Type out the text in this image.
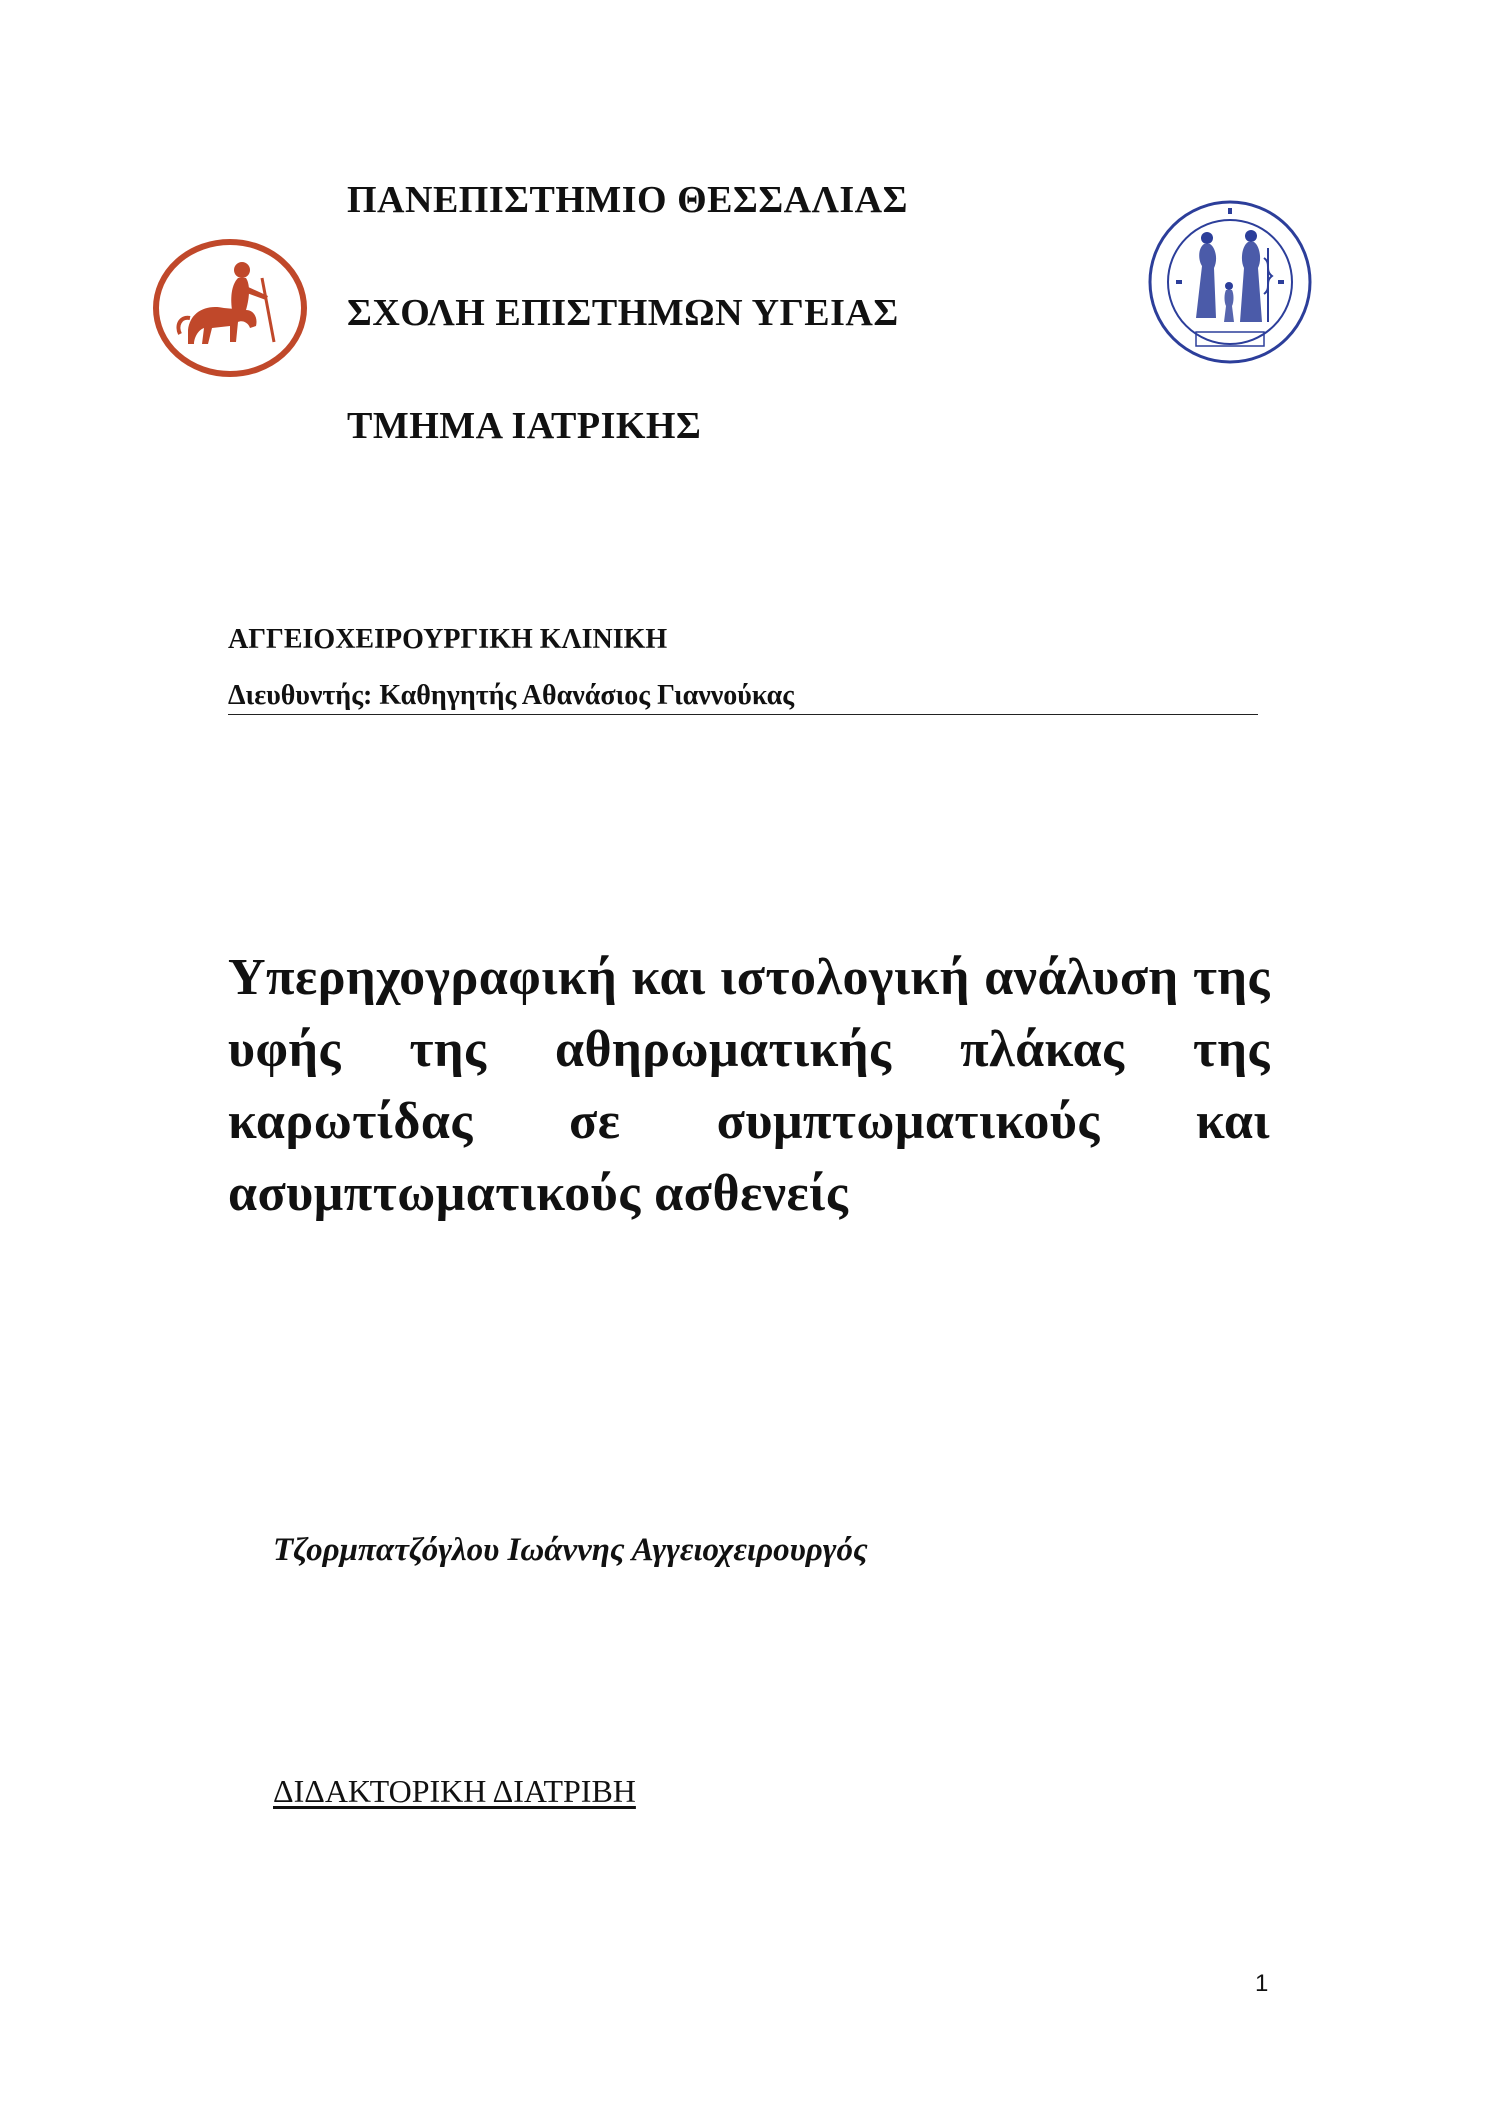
ΠΑΝΕΠΙΣΤΗΜΙΟ ΘΕΣΣΑΛΙΑΣ
ΣΧΟΛΗ ΕΠΙΣΤΗΜΩΝ ΥΓΕΙΑΣ
ΤΜΗΜΑ ΙΑΤΡΙΚΗΣ
ΑΓΓΕΙΟΧΕΙΡΟΥΡΓΙΚΗ ΚΛΙΝΙΚΗ
Διευθυντής: Καθηγητής Αθανάσιος Γιαννούκας
Υπερηχογραφική και ιστολογική ανάλυση της υφής της αθηρωματικής πλάκας της καρωτίδας σε συμπτωματικούς και ασυμπτωματικούς ασθενείς
Τζορμπατζόγλου Ιωάννης Αγγειοχειρουργός
ΔΙΔΑΚΤΟΡΙΚΗ ΔΙΑΤΡΙΒΗ
1
